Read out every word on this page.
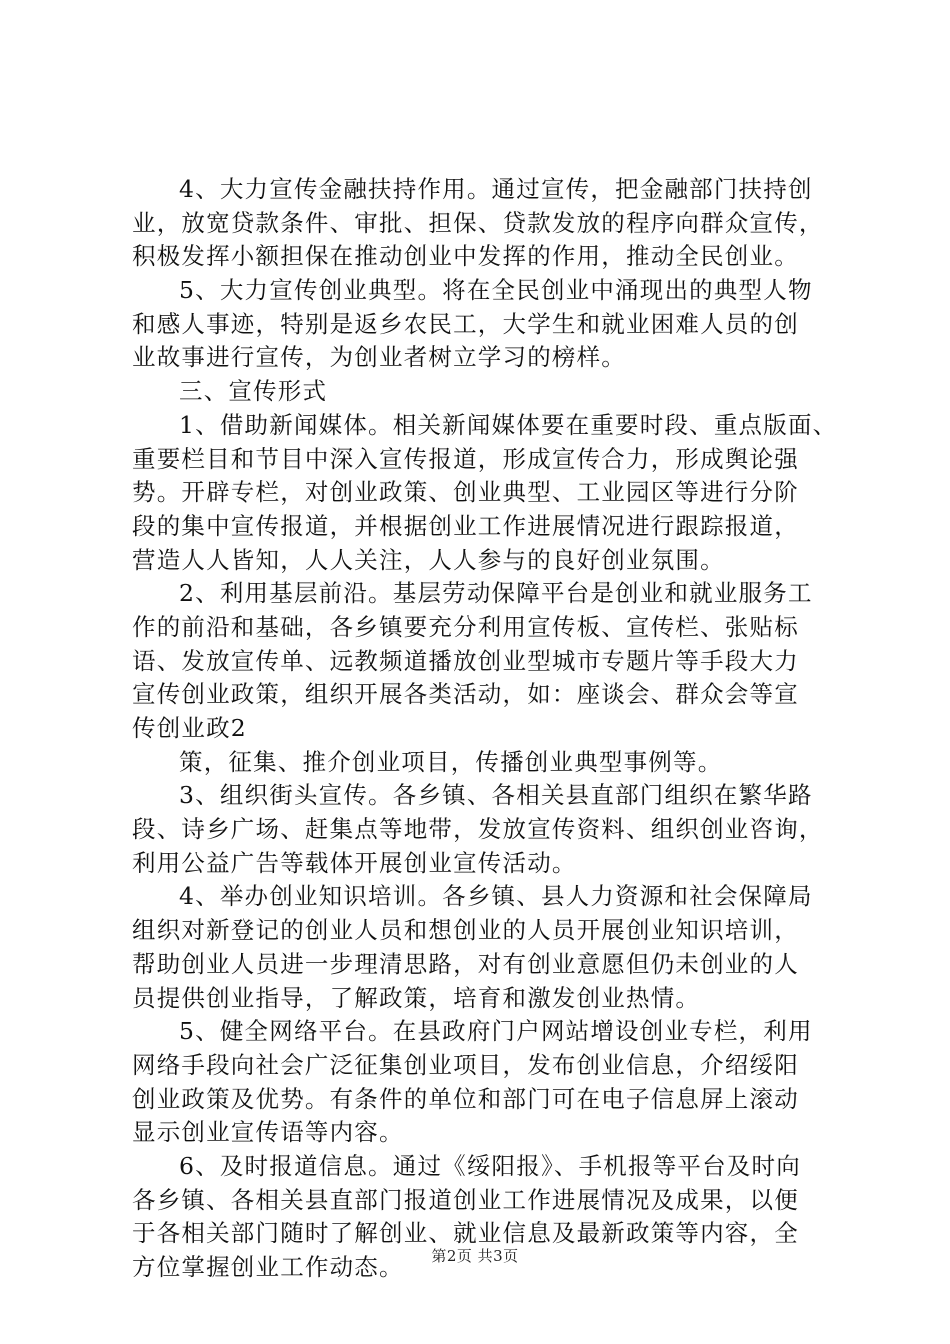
4、大力宣传金融扶持作用。通过宣传，把金融部门扶持创
业，放宽贷款条件、审批、担保、贷款发放的程序向群众宣传，
积极发挥小额担保在推动创业中发挥的作用，推动全民创业。
5、大力宣传创业典型。将在全民创业中涌现出的典型人物
和感人事迹，特别是返乡农民工，大学生和就业困难人员的创
业故事进行宣传，为创业者树立学习的榜样。
三、宣传形式
1、借助新闻媒体。相关新闻媒体要在重要时段、重点版面、
重要栏目和节目中深入宣传报道，形成宣传合力，形成舆论强
势。开辟专栏，对创业政策、创业典型、工业园区等进行分阶
段的集中宣传报道，并根据创业工作进展情况进行跟踪报道，
营造人人皆知，人人关注，人人参与的良好创业氛围。
2、利用基层前沿。基层劳动保障平台是创业和就业服务工
作的前沿和基础，各乡镇要充分利用宣传板、宣传栏、张贴标
语、发放宣传单、远教频道播放创业型城市专题片等手段大力
宣传创业政策，组织开展各类活动，如：座谈会、群众会等宣
传创业政2
策，征集、推介创业项目，传播创业典型事例等。
3、组织街头宣传。各乡镇、各相关县直部门组织在繁华路
段、诗乡广场、赶集点等地带，发放宣传资料、组织创业咨询，
利用公益广告等载体开展创业宣传活动。
4、举办创业知识培训。各乡镇、县人力资源和社会保障局
组织对新登记的创业人员和想创业的人员开展创业知识培训，
帮助创业人员进一步理清思路，对有创业意愿但仍未创业的人
员提供创业指导，了解政策，培育和激发创业热情。
5、健全网络平台。在县政府门户网站增设创业专栏，利用
网络手段向社会广泛征集创业项目，发布创业信息，介绍绥阳
创业政策及优势。有条件的单位和部门可在电子信息屏上滚动
显示创业宣传语等内容。
6、及时报道信息。通过《绥阳报》、手机报等平台及时向
各乡镇、各相关县直部门报道创业工作进展情况及成果，以便
于各相关部门随时了解创业、就业信息及最新政策等内容，全
方位掌握创业工作动态。	第2页 共3页
